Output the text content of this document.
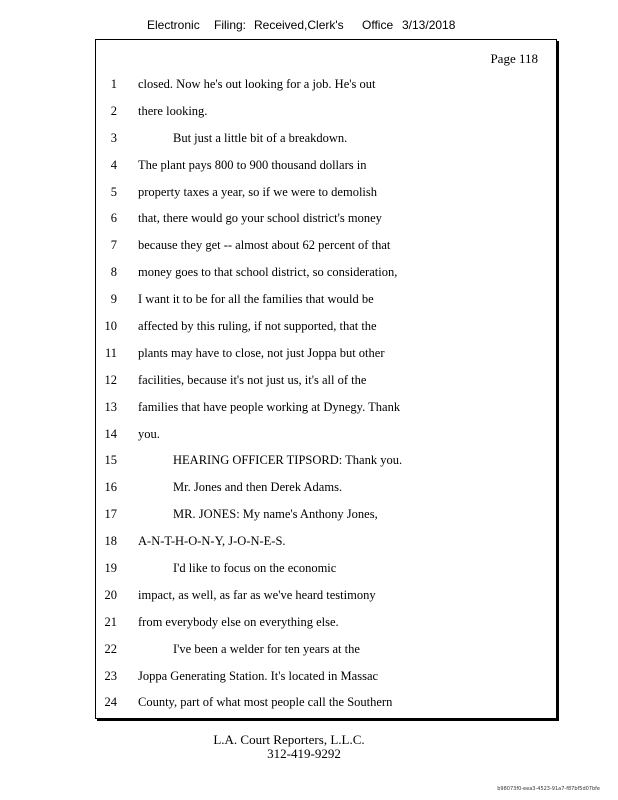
Electronic Filing: Received,Clerk's Office 3/13/2018
Page 118
1 closed. Now he's out looking for a job. He's out
2 there looking.
3	But just a little bit of a breakdown.
4 The plant pays 800 to 900 thousand dollars in
5 property taxes a year, so if we were to demolish
6 that, there would go your school district's money
7 because they get -- almost about 62 percent of that
8 money goes to that school district, so consideration,
9 I want it to be for all the families that would be
10 affected by this ruling, if not supported, that the
11 plants may have to close, not just Joppa but other
12 facilities, because it's not just us, it's all of the
13 families that have people working at Dynegy. Thank
14 you.
15	HEARING OFFICER TIPSORD: Thank you.
16	Mr. Jones and then Derek Adams.
17	MR. JONES: My name's Anthony Jones,
18 A-N-T-H-O-N-Y, J-O-N-E-S.
19	I'd like to focus on the economic
20 impact, as well, as far as we've heard testimony
21 from everybody else on everything else.
22	I've been a welder for ten years at the
23 Joppa Generating Station. It's located in Massac
24 County, part of what most people call the Southern
L.A. Court Reporters, L.L.C.
312-419-9292
b98073f0-eea3-4523-91a7-f87bf5d07bfe
